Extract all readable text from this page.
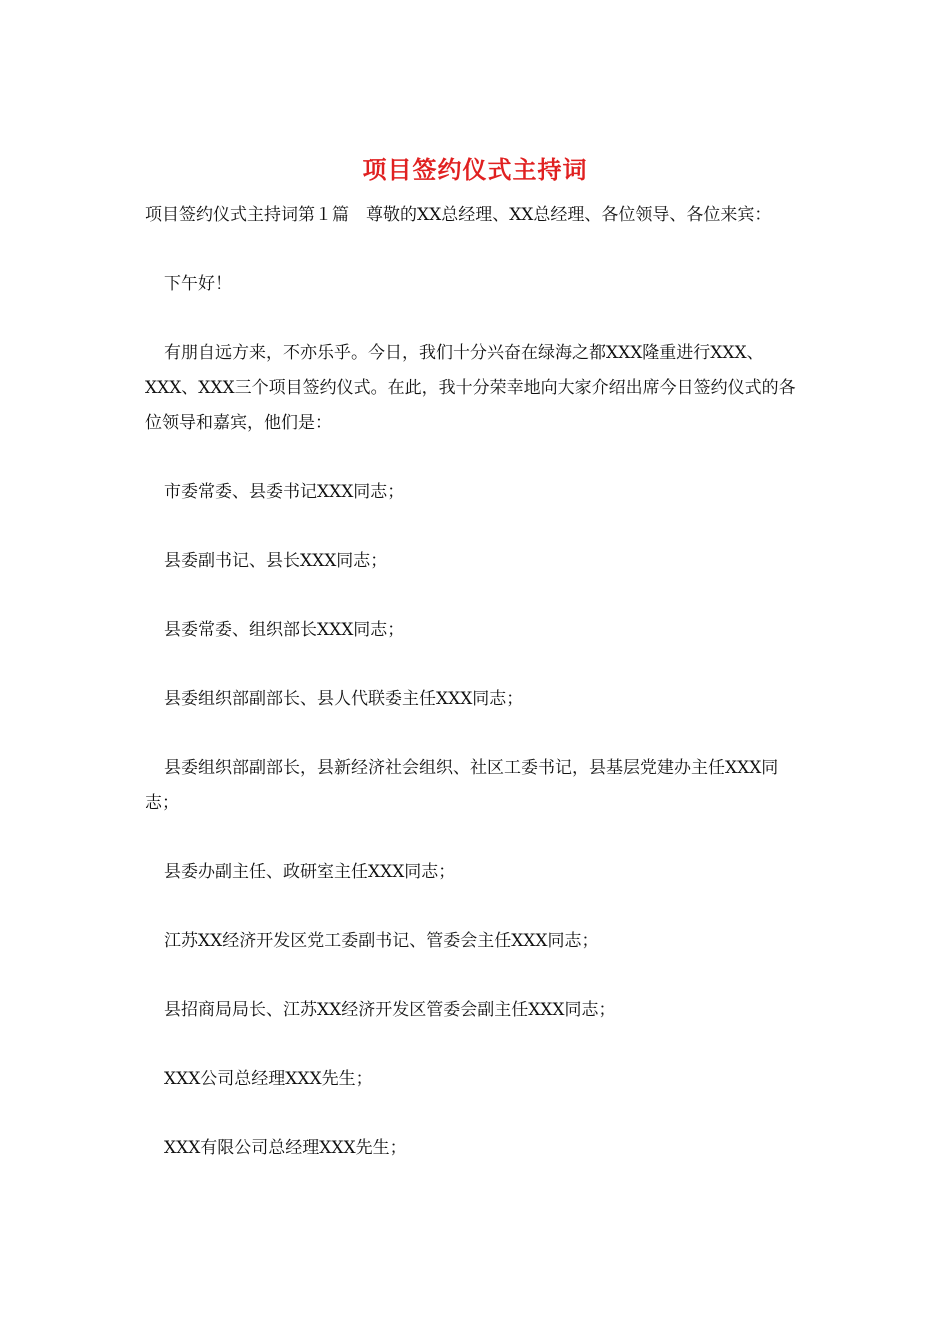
项目签约仪式主持词

项目签约仪式主持词第１篇　尊敬的XX总经理、XX总经理、各位领导、各位来宾：

下午好！

有朋自远方来，不亦乐乎。今日，我们十分兴奋在绿海之都XXX隆重进行XXX、XXX、XXX三个项目签约仪式。在此，我十分荣幸地向大家介绍出席今日签约仪式的各位领导和嘉宾，他们是：

市委常委、县委书记XXX同志；

县委副书记、县长XXX同志；

县委常委、组织部长XXX同志；

县委组织部副部长、县人代联委主任XXX同志；

县委组织部副部长，县新经济社会组织、社区工委书记，县基层党建办主任XXX同志；

县委办副主任、政研室主任XXX同志；

江苏XX经济开发区党工委副书记、管委会主任XXX同志；

县招商局局长、江苏XX经济开发区管委会副主任XXX同志；

XXX公司总经理XXX先生；

XXX有限公司总经理XXX先生；
